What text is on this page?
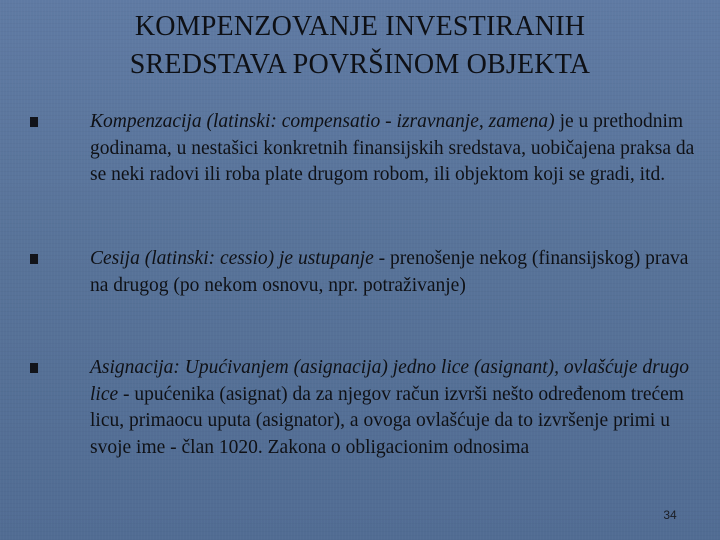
KOMPENZOVANJE INVESTIRANIH
SREDSTAVA POVRŠINOM OBJEKTA
Kompenzacija (latinski: compensatio - izravnanje, zamena) je u prethodnim godinama, u nestašici konkretnih finansijskih sredstava, uobičajena praksa da se neki radovi ili roba plate drugom robom, ili objektom koji se gradi, itd.
Cesija (latinski: cessio) je ustupanje - prenošenje nekog (finansijskog) prava na drugog (po nekom osnovu, npr. potraživanje)
Asignacija: Upućivanjem (asignacija) jedno lice (asignant), ovlašćuje drugo lice - upućenika (asignat) da za njegov račun izvrši nešto određenom trećem licu, primaocu uputa (asignator), a ovoga ovlašćuje da to izvršenje primi u svoje ime - član 1020. Zakona o obligacionim odnosima
34
